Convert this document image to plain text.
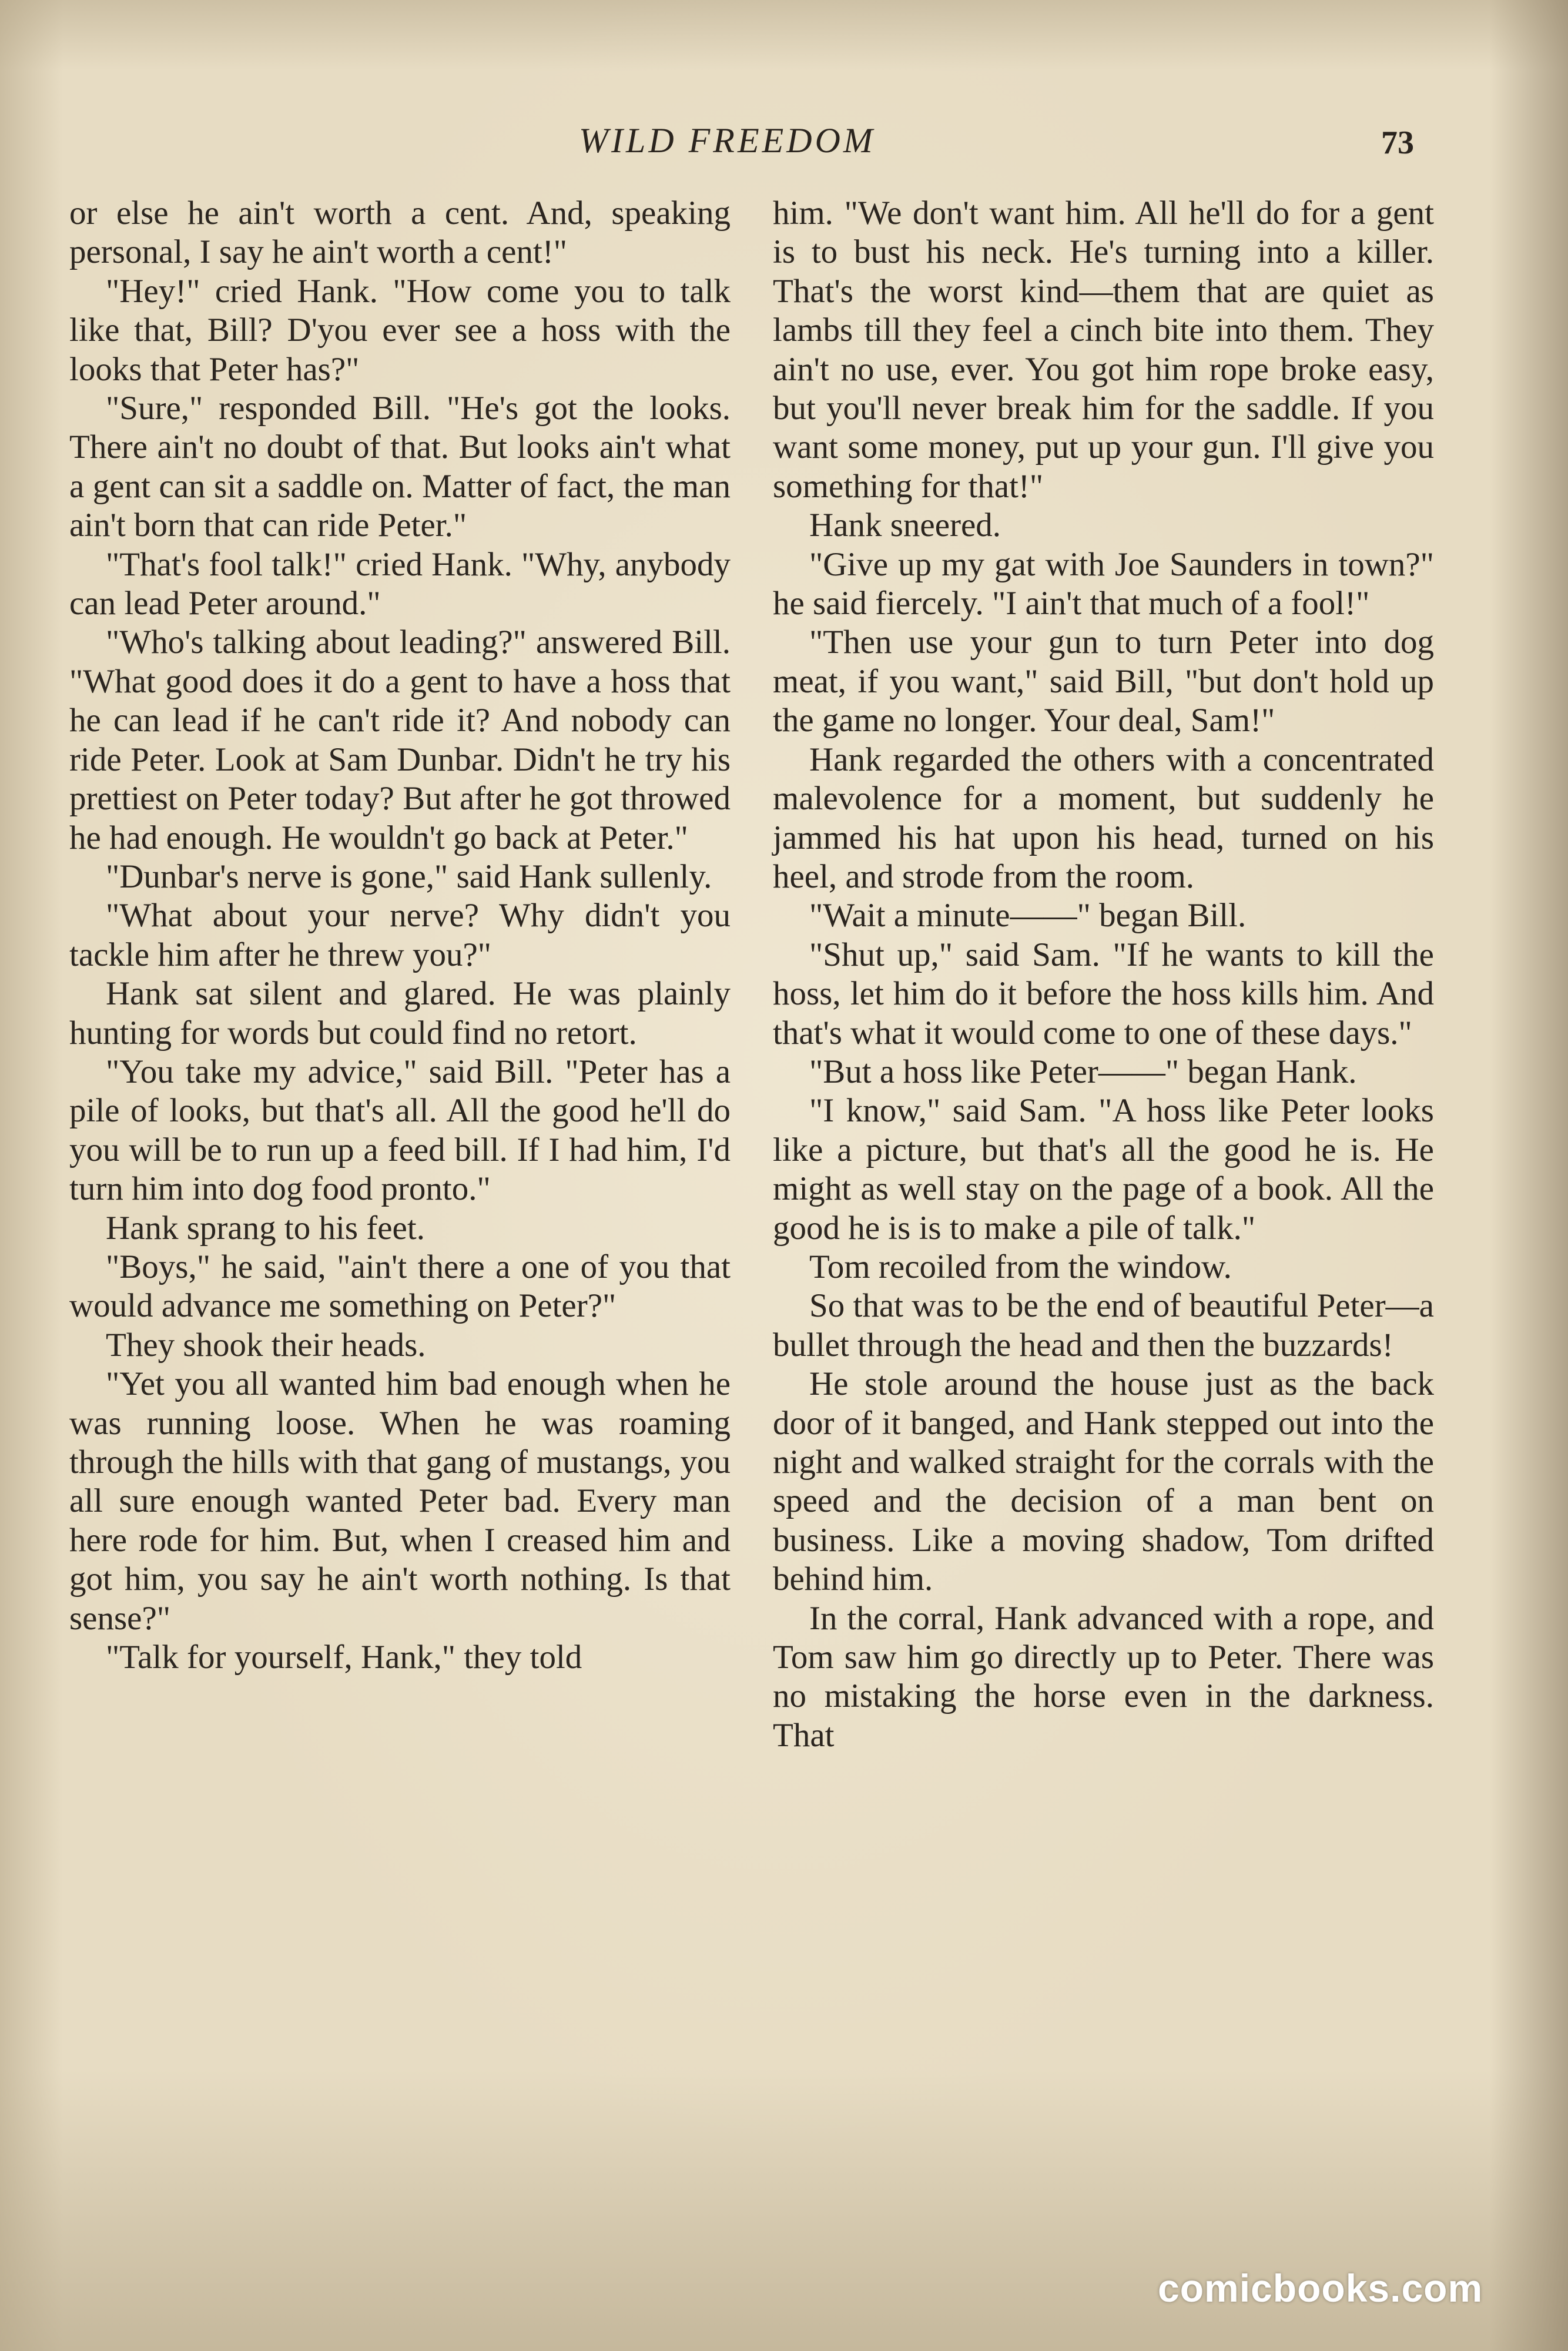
WILD FREEDOM	73

or else he ain't worth a cent. And, speaking personal, I say he ain't worth a cent!"

"Hey!" cried Hank. "How come you to talk like that, Bill? D'you ever see a hoss with the looks that Peter has?"

"Sure," responded Bill. "He's got the looks. There ain't no doubt of that. But looks ain't what a gent can sit a saddle on. Matter of fact, the man ain't born that can ride Peter."

"That's fool talk!" cried Hank. "Why, anybody can lead Peter around."

"Who's talking about leading?" answered Bill. "What good does it do a gent to have a hoss that he can lead if he can't ride it? And nobody can ride Peter. Look at Sam Dunbar. Didn't he try his prettiest on Peter today? But after he got throwed he had enough. He wouldn't go back at Peter."

"Dunbar's nerve is gone," said Hank sullenly.

"What about your nerve? Why didn't you tackle him after he threw you?"

Hank sat silent and glared. He was plainly hunting for words but could find no retort.

"You take my advice," said Bill. "Peter has a pile of looks, but that's all. All the good he'll do you will be to run up a feed bill. If I had him, I'd turn him into dog food pronto."

Hank sprang to his feet.

"Boys," he said, "ain't there a one of you that would advance me something on Peter?"

They shook their heads.

"Yet you all wanted him bad enough when he was running loose. When he was roaming through the hills with that gang of mustangs, you all sure enough wanted Peter bad. Every man here rode for him. But, when I creased him and got him, you say he ain't worth nothing. Is that sense?"

"Talk for yourself, Hank," they told

him. "We don't want him. All he'll do for a gent is to bust his neck. He's turning into a killer. That's the worst kind—them that are quiet as lambs till they feel a cinch bite into them. They ain't no use, ever. You got him rope broke easy, but you'll never break him for the saddle. If you want some money, put up your gun. I'll give you something for that!"

Hank sneered.

"Give up my gat with Joe Saunders in town?" he said fiercely. "I ain't that much of a fool!"

"Then use your gun to turn Peter into dog meat, if you want," said Bill, "but don't hold up the game no longer. Your deal, Sam!"

Hank regarded the others with a concentrated malevolence for a moment, but suddenly he jammed his hat upon his head, turned on his heel, and strode from the room.

"Wait a minute——" began Bill.

"Shut up," said Sam. "If he wants to kill the hoss, let him do it before the hoss kills him. And that's what it would come to one of these days."

"But a hoss like Peter——" began Hank.

"I know," said Sam. "A hoss like Peter looks like a picture, but that's all the good he is. He might as well stay on the page of a book. All the good he is is to make a pile of talk."

Tom recoiled from the window.

So that was to be the end of beautiful Peter—a bullet through the head and then the buzzards!

He stole around the house just as the back door of it banged, and Hank stepped out into the night and walked straight for the corrals with the speed and the decision of a man bent on business. Like a moving shadow, Tom drifted behind him.

In the corral, Hank advanced with a rope, and Tom saw him go directly up to Peter. There was no mistaking the horse even in the darkness. That

comicbooks.com
